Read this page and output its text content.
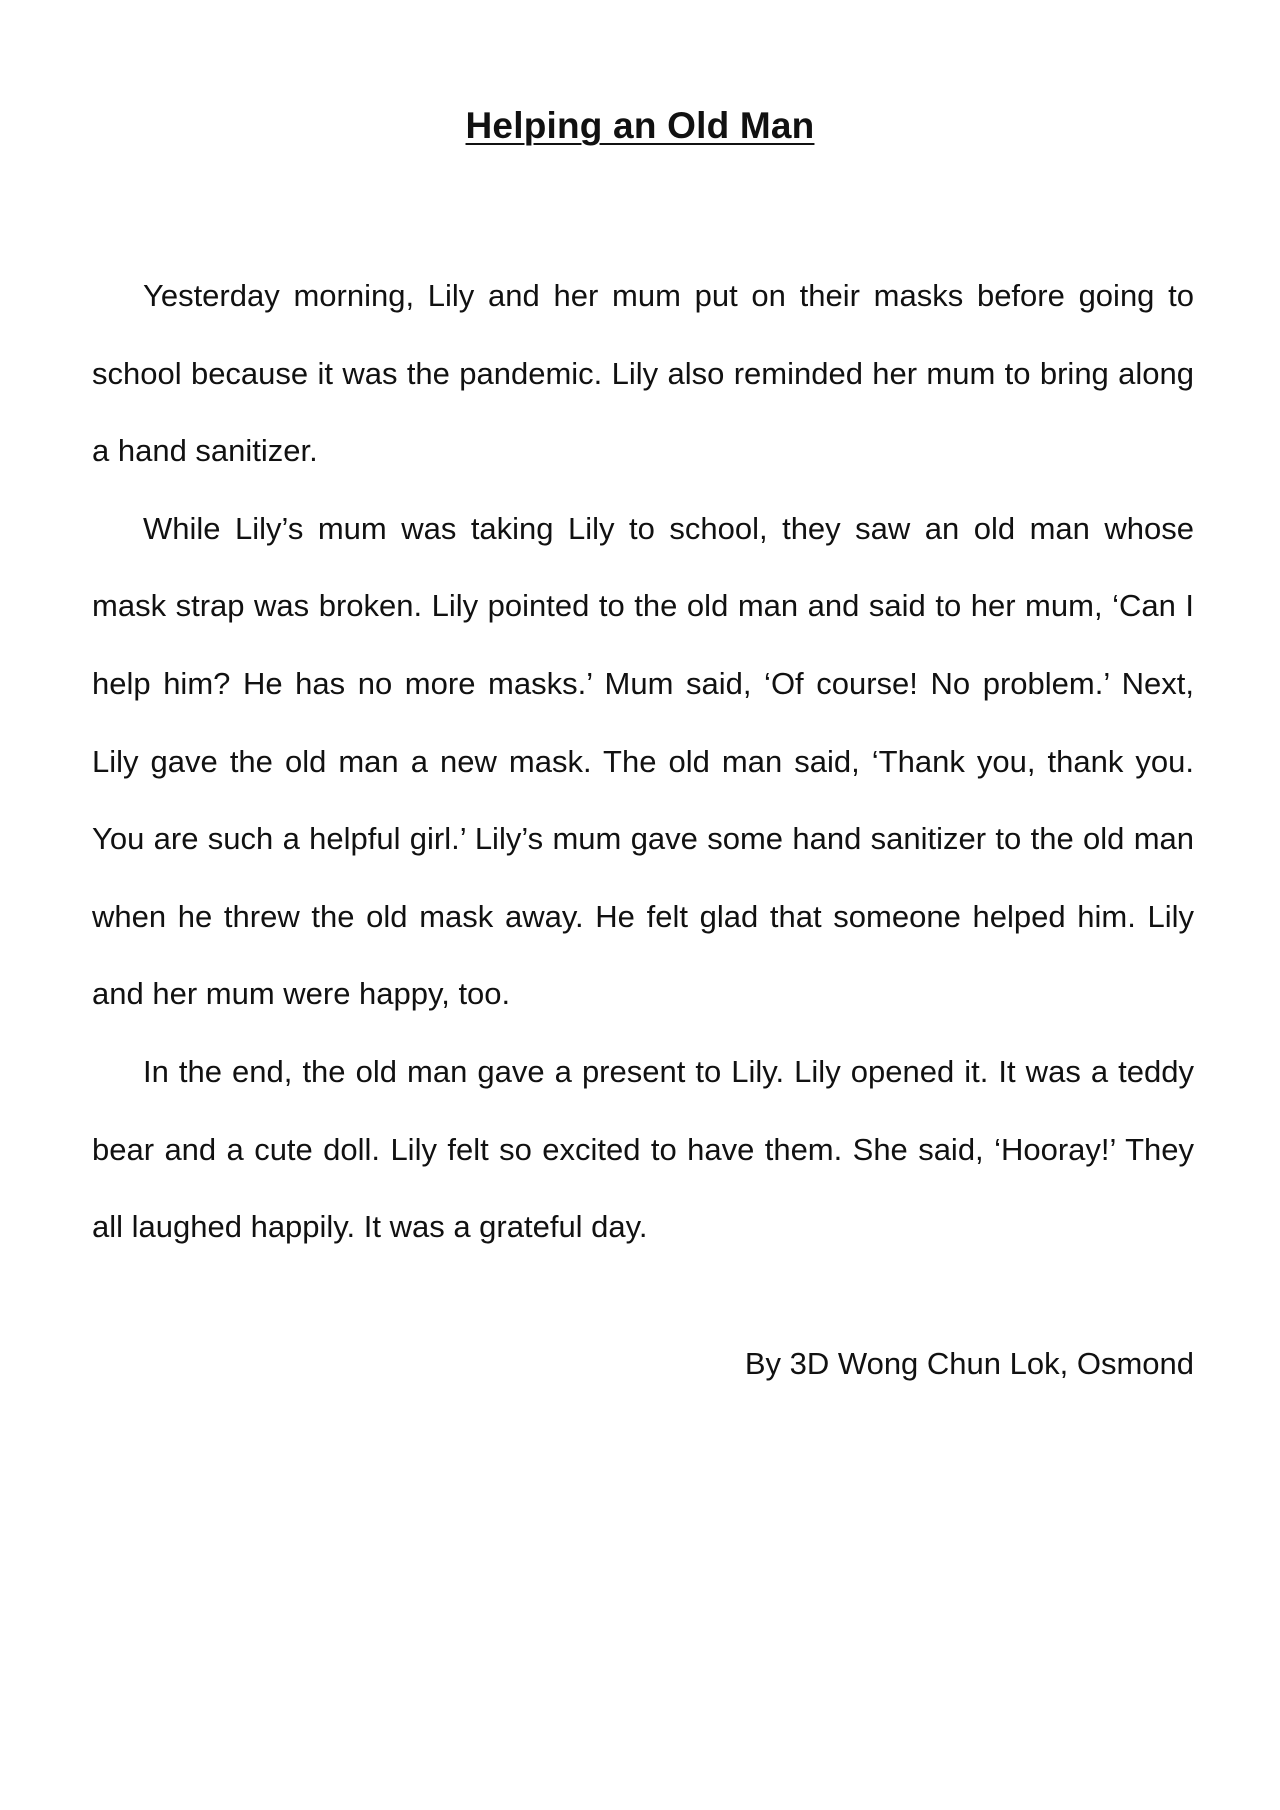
Helping an Old Man

Yesterday morning, Lily and her mum put on their masks before going to school because it was the pandemic. Lily also reminded her mum to bring along a hand sanitizer.

While Lily’s mum was taking Lily to school, they saw an old man whose mask strap was broken. Lily pointed to the old man and said to her mum, ‘Can I help him? He has no more masks.’ Mum said, ‘Of course! No problem.’ Next, Lily gave the old man a new mask. The old man said, ‘Thank you, thank you. You are such a helpful girl.’ Lily’s mum gave some hand sanitizer to the old man when he threw the old mask away. He felt glad that someone helped him. Lily and her mum were happy, too.

In the end, the old man gave a present to Lily. Lily opened it. It was a teddy bear and a cute doll. Lily felt so excited to have them. She said, ‘Hooray!’ They all laughed happily. It was a grateful day.

By 3D Wong Chun Lok, Osmond
